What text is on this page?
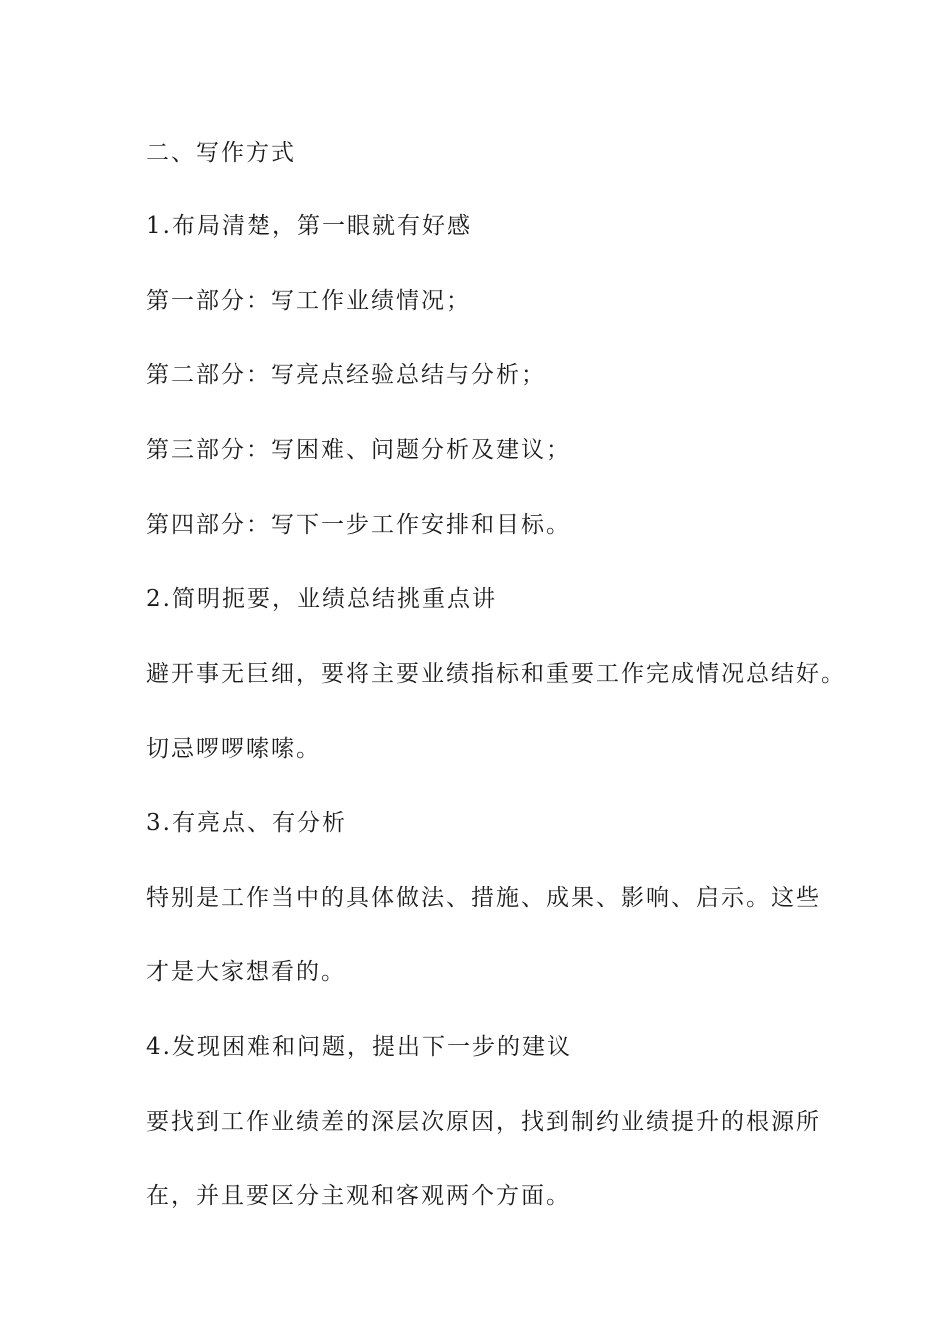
二、写作方式
1.布局清楚，第一眼就有好感
第一部分：写工作业绩情况；
第二部分：写亮点经验总结与分析；
第三部分：写困难、问题分析及建议；
第四部分：写下一步工作安排和目标。
2.简明扼要，业绩总结挑重点讲
避开事无巨细，要将主要业绩指标和重要工作完成情况总结好。
切忌啰啰嗦嗦。
3.有亮点、有分析
特别是工作当中的具体做法、措施、成果、影响、启示。这些
才是大家想看的。
4.发现困难和问题，提出下一步的建议
要找到工作业绩差的深层次原因，找到制约业绩提升的根源所
在，并且要区分主观和客观两个方面。
